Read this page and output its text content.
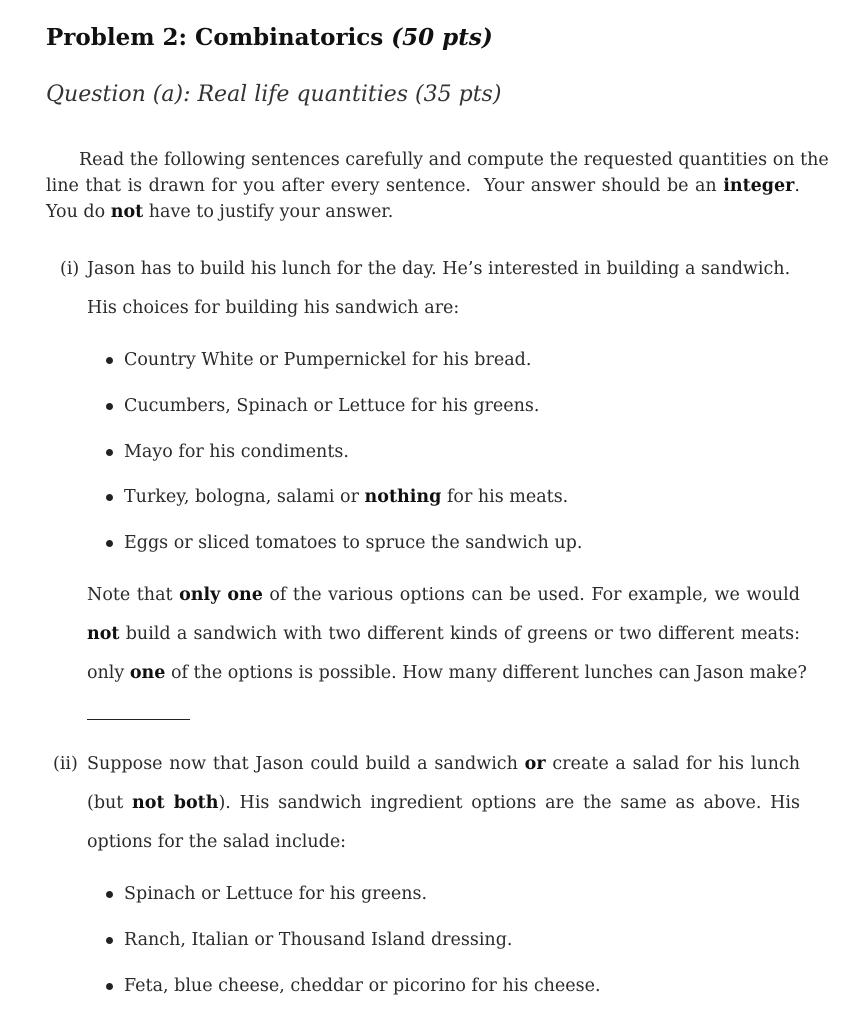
Problem 2: Combinatorics (50 pts)
Question (a): Real life quantities (35 pts)
Read the following sentences carefully and compute the requested quantities on the
line that is drawn for you after every sentence. Your answer should be an integer.
You do not have to justify your answer.
(i) Jason has to build his lunch for the day. He’s interested in building a sandwich.
His choices for building his sandwich are:
Country White or Pumpernickel for his bread.
Cucumbers, Spinach or Lettuce for his greens.
Mayo for his condiments.
Turkey, bologna, salami or nothing for his meats.
Eggs or sliced tomatoes to spruce the sandwich up.
Note that only one of the various options can be used. For example, we would
not build a sandwich with two different kinds of greens or two different meats:
only one of the options is possible. How many different lunches can Jason make?
(ii) Suppose now that Jason could build a sandwich or create a salad for his lunch
(but not both). His sandwich ingredient options are the same as above. His
options for the salad include:
Spinach or Lettuce for his greens.
Ranch, Italian or Thousand Island dressing.
Feta, blue cheese, cheddar or picorino for his cheese.
